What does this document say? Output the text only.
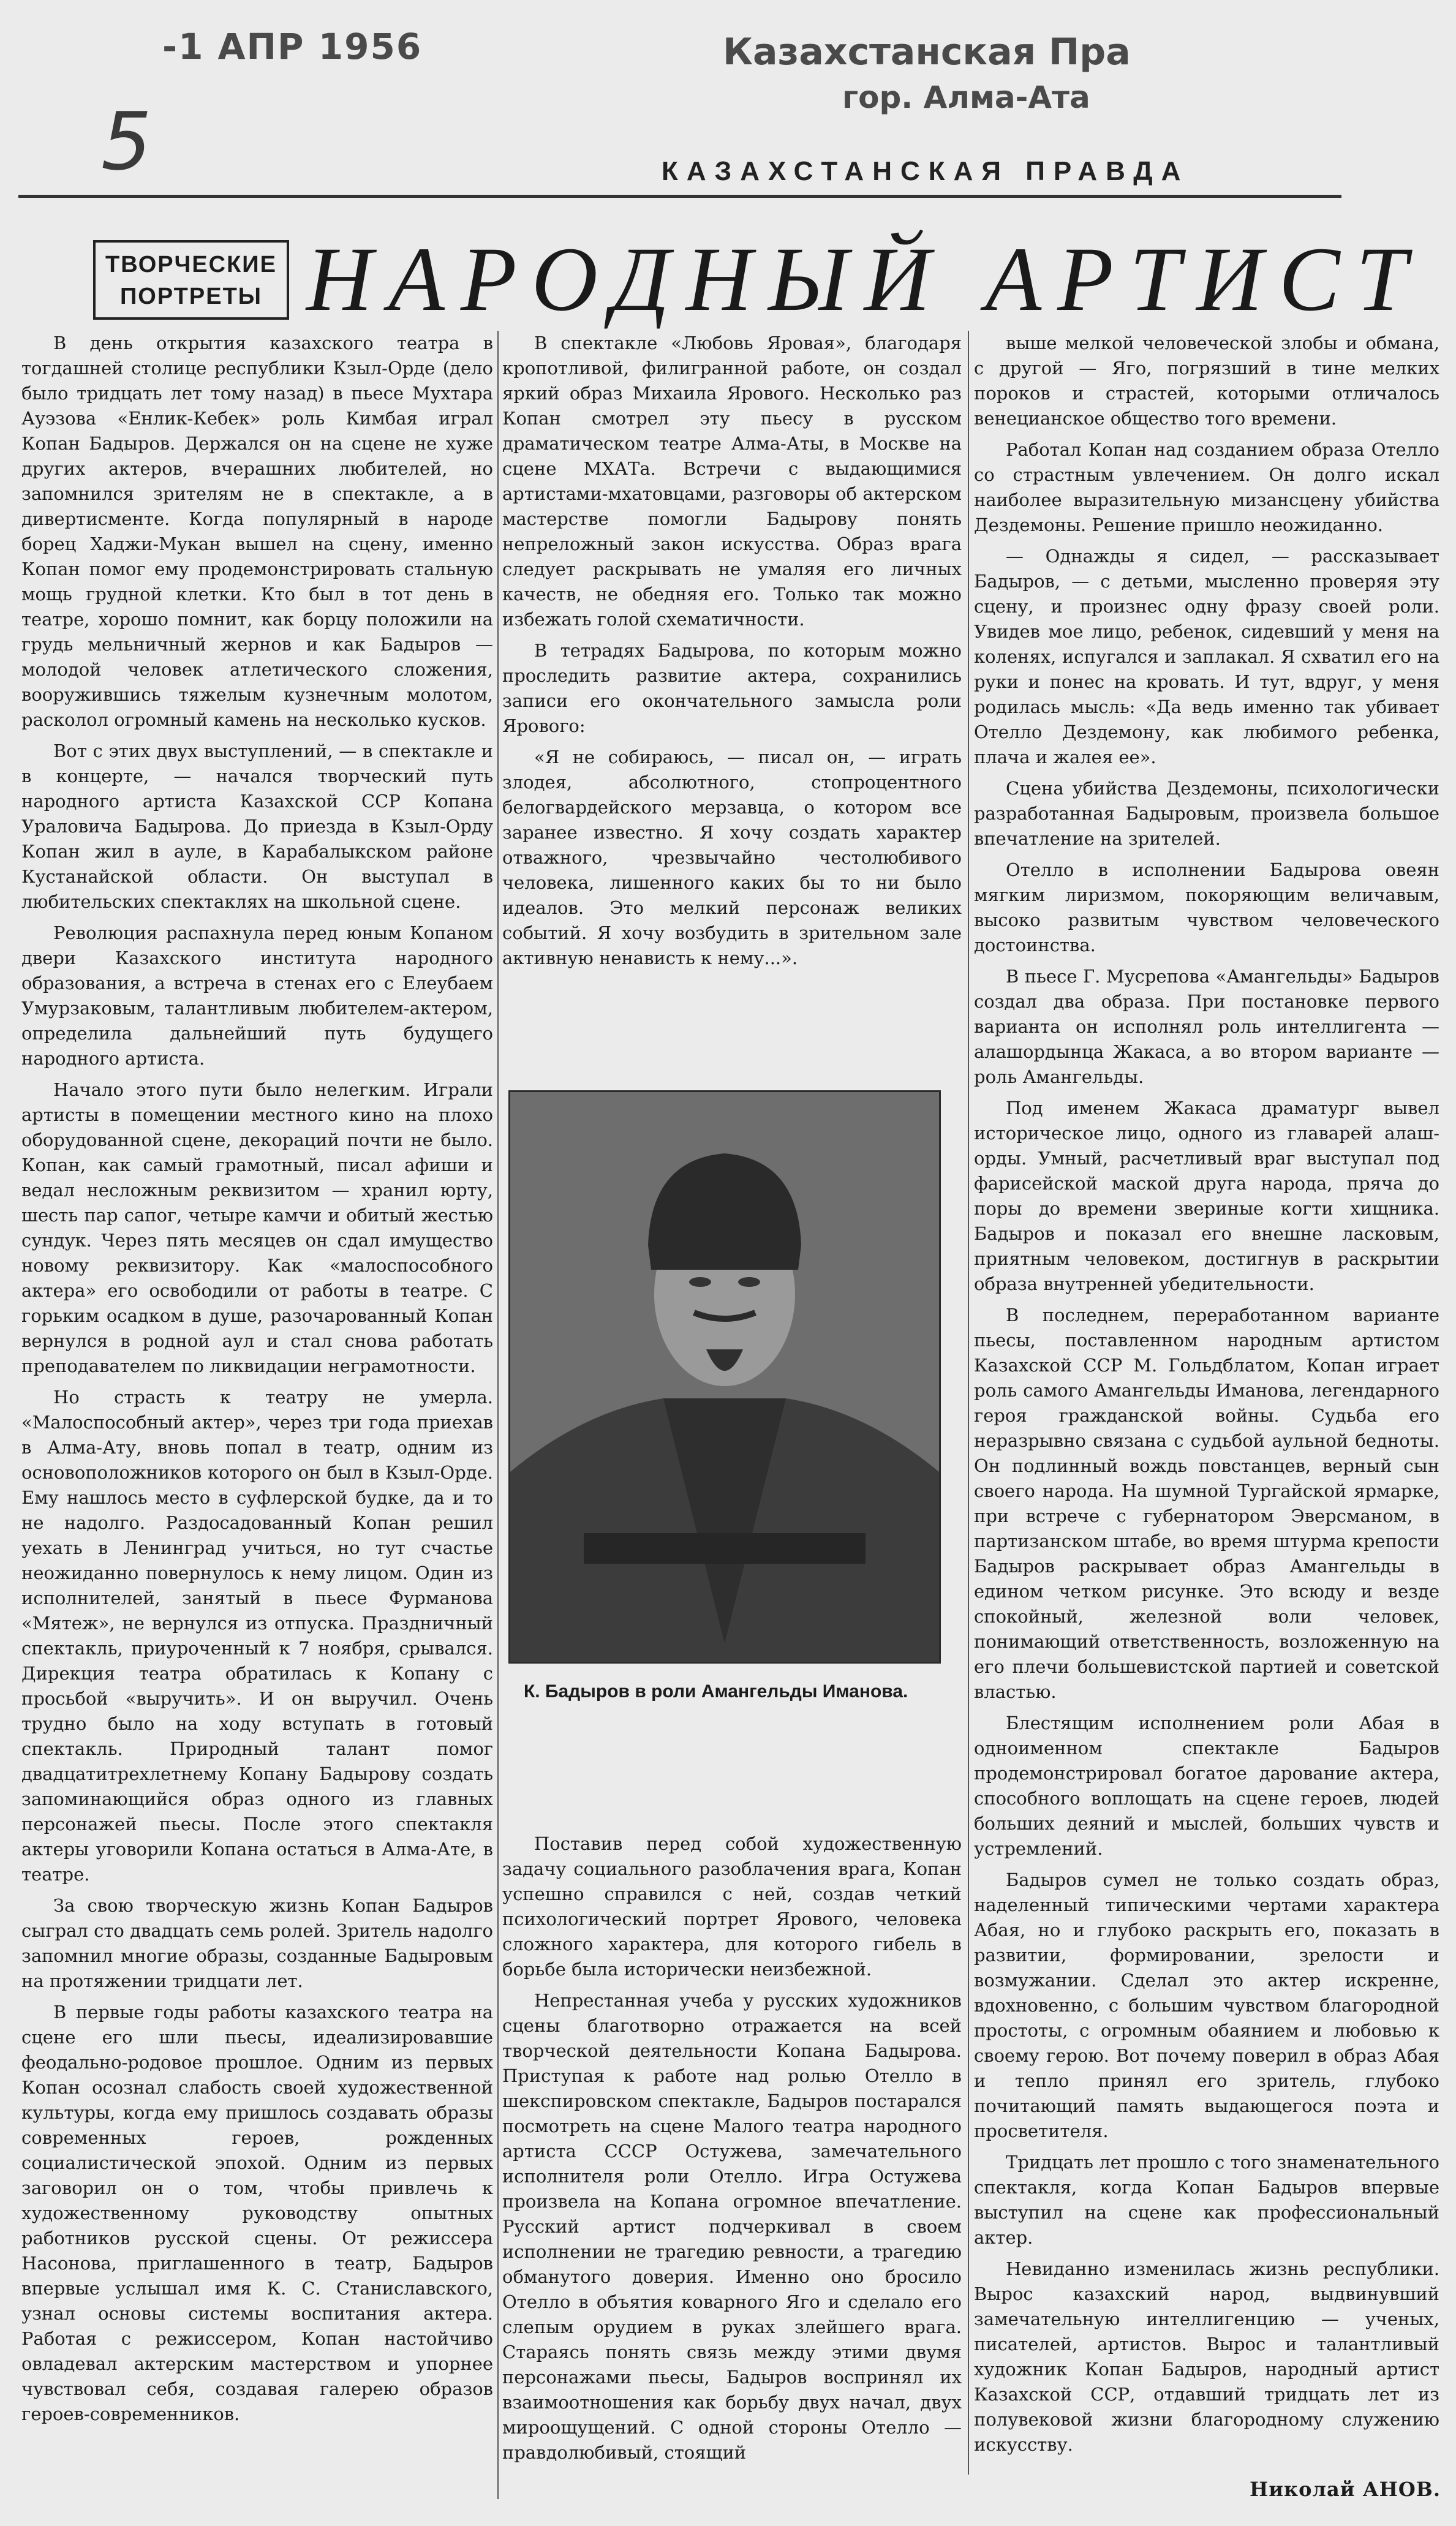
-1 АПР 1956	Казахстанская Пра
гор. Алма-Ата
5	КАЗАХСТАНСКАЯ ПРАВДА
ТВОРЧЕСКИЕ
ПОРТРЕТЫ НАРОДНЫЙ АРТИСТ

В день открытия казахского театра в тогдашней столице республики Кзыл-Орде (дело было тридцать лет тому назад) в пьесе Мухтара Ауэзова «Енлик-Кебек» роль Кимбая играл Копан Бадыров. Держался он на сцене не хуже других актеров, вчерашних любителей, но запомнился зрителям не в спектакле, а в дивертисменте. Когда популярный в народе борец Хаджи-Мукан вышел на сцену, именно Копан помог ему продемонстрировать стальную мощь грудной клетки. Кто был в тот день в театре, хорошо помнит, как борцу положили на грудь мельничный жернов и как Бадыров — молодой человек атлетического сложения, вооружившись тяжелым кузнечным молотом, расколол огромный камень на несколько кусков.

Вот с этих двух выступлений, — в спектакле и в концерте, — начался творческий путь народного артиста Казахской ССР Копана Ураловича Бадырова. До приезда в Кзыл-Орду Копан жил в ауле, в Карабалыкском районе Кустанайской области. Он выступал в любительских спектаклях на школьной сцене.

Революция распахнула перед юным Копаном двери Казахского института народного образования, а встреча в стенах его с Елеубаем Умурзаковым, талантливым любителем-актером, определила дальнейший путь будущего народного артиста.

Начало этого пути было нелегким. Играли артисты в помещении местного кино на плохо оборудованной сцене, декораций почти не было. Копан, как самый грамотный, писал афиши и ведал несложным реквизитом — хранил юрту, шесть пар сапог, четыре камчи и обитый жестью сундук. Через пять месяцев он сдал имущество новому реквизитору. Как «малоспособного актера» его освободили от работы в театре. С горьким осадком в душе, разочарованный Копан вернулся в родной аул и стал снова работать преподавателем по ликвидации неграмотности.

Но страсть к театру не умерла. «Малоспособный актер», через три года приехав в Алма-Ату, вновь попал в театр, одним из основоположников которого он был в Кзыл-Орде. Ему нашлось место в суфлерской будке, да и то не надолго. Раздосадованный Копан решил уехать в Ленинград учиться, но тут счастье неожиданно повернулось к нему лицом. Один из исполнителей, занятый в пьесе Фурманова «Мятеж», не вернулся из отпуска. Праздничный спектакль, приуроченный к 7 ноября, срывался. Дирекция театра обратилась к Копану с просьбой «выручить». И он выручил. Очень трудно было на ходу вступать в готовый спектакль. Природный талант помог двадцатитрехлетнему Копану Бадырову создать запоминающийся образ одного из главных персонажей пьесы. После этого спектакля актеры уговорили Копана остаться в Алма-Ате, в театре.

За свою творческую жизнь Копан Бадыров сыграл сто двадцать семь ролей. Зритель надолго запомнил многие образы, созданные Бадыровым на протяжении тридцати лет.

В первые годы работы казахского театра на сцене его шли пьесы, идеализировавшие феодально-родовое прошлое. Одним из первых Копан осознал слабость своей художественной культуры, когда ему пришлось создавать образы современных героев, рожденных социалистической эпохой. Одним из первых заговорил он о том, чтобы привлечь к художественному руководству опытных работников русской сцены. От режиссера Насонова, приглашенного в театр, Бадыров впервые услышал имя К. С. Станиславского, узнал основы системы воспитания актера. Работая с режиссером, Копан настойчиво овладевал актерским мастерством и упорнее чувствовал себя, создавая галерею образов героев-современников.

В спектакле «Любовь Яровая», благодаря кропотливой, филигранной работе, он создал яркий образ Михаила Ярового. Несколько раз Копан смотрел эту пьесу в русском драматическом театре Алма-Аты, в Москве на сцене МХАТа. Встречи с выдающимися артистами-мхатовцами, разговоры об актерском мастерстве помогли Бадырову понять непреложный закон искусства. Образ врага следует раскрывать не умаляя его личных качеств, не обедняя его. Только так можно избежать голой схематичности.

В тетрадях Бадырова, по которым можно проследить развитие актера, сохранились записи его окончательного замысла роли Ярового:

«Я не собираюсь, — писал он, — играть злодея, абсолютного, стопроцентного белогвардейского мерзавца, о котором все заранее известно. Я хочу создать характер отважного, чрезвычайно честолюбивого человека, лишенного каких бы то ни было идеалов. Это мелкий персонаж великих событий. Я хочу возбудить в зрительном зале активную ненависть к нему...».

К. Бадыров в роли Амангельды Иманова.

Поставив перед собой художественную задачу социального разоблачения врага, Копан успешно справился с ней, создав четкий психологический портрет Ярового, человека сложного характера, для которого гибель в борьбе была исторически неизбежной.

Непрестанная учеба у русских художников сцены благотворно отражается на всей творческой деятельности Копана Бадырова. Приступая к работе над ролью Отелло в шекспировском спектакле, Бадыров постарался посмотреть на сцене Малого театра народного артиста СССР Остужева, замечательного исполнителя роли Отелло. Игра Остужева произвела на Копана огромное впечатление. Русский артист подчеркивал в своем исполнении не трагедию ревности, а трагедию обманутого доверия. Именно оно бросило Отелло в объятия коварного Яго и сделало его слепым орудием в руках злейшего врага. Стараясь понять связь между этими двумя персонажами пьесы, Бадыров воспринял их взаимоотношения как борьбу двух начал, двух мироощущений. С одной стороны Отелло — правдолюбивый, стоящий

выше мелкой человеческой злобы и обмана, с другой — Яго, погрязший в тине мелких пороков и страстей, которыми отличалось венецианское общество того времени.

Работал Копан над созданием образа Отелло со страстным увлечением. Он долго искал наиболее выразительную мизансцену убийства Дездемоны. Решение пришло неожиданно.

— Однажды я сидел, — рассказывает Бадыров, — с детьми, мысленно проверяя эту сцену, и произнес одну фразу своей роли. Увидев мое лицо, ребенок, сидевший у меня на коленях, испугался и заплакал. Я схватил его на руки и понес на кровать. И тут, вдруг, у меня родилась мысль: «Да ведь именно так убивает Отелло Дездемону, как любимого ребенка, плача и жалея ее».

Сцена убийства Дездемоны, психологически разработанная Бадыровым, произвела большое впечатление на зрителей.

Отелло в исполнении Бадырова овеян мягким лиризмом, покоряющим величавым, высоко развитым чувством человеческого достоинства.

В пьесе Г. Мусрепова «Амангельды» Бадыров создал два образа. При постановке первого варианта он исполнял роль интеллигента — алашордынца Жакаса, а во втором варианте — роль Амангельды.

Под именем Жакаса драматург вывел историческое лицо, одного из главарей алаш-орды. Умный, расчетливый враг выступал под фарисейской маской друга народа, пряча до поры до времени звериные когти хищника. Бадыров и показал его внешне ласковым, приятным человеком, достигнув в раскрытии образа внутренней убедительности.

В последнем, переработанном варианте пьесы, поставленном народным артистом Казахской ССР М. Гольдблатом, Копан играет роль самого Амангельды Иманова, легендарного героя гражданской войны. Судьба его неразрывно связана с судьбой аульной бедноты. Он подлинный вождь повстанцев, верный сын своего народа. На шумной Тургайской ярмарке, при встрече с губернатором Эверсманом, в партизанском штабе, во время штурма крепости Бадыров раскрывает образ Амангельды в едином четком рисунке. Это всюду и везде спокойный, железной воли человек, понимающий ответственность, возложенную на его плечи большевистской партией и советской властью.

Блестящим исполнением роли Абая в одноименном спектакле Бадыров продемонстрировал богатое дарование актера, способного воплощать на сцене героев, людей больших деяний и мыслей, больших чувств и устремлений.

Бадыров сумел не только создать образ, наделенный типическими чертами характера Абая, но и глубоко раскрыть его, показать в развитии, формировании, зрелости и возмужании. Сделал это актер искренне, вдохновенно, с большим чувством благородной простоты, с огромным обаянием и любовью к своему герою. Вот почему поверил в образ Абая и тепло принял его зритель, глубоко почитающий память выдающегося поэта и просветителя.

Тридцать лет прошло с того знаменательного спектакля, когда Копан Бадыров впервые выступил на сцене как профессиональный актер.

Невиданно изменилась жизнь республики. Вырос казахский народ, выдвинувший замечательную интеллигенцию — ученых, писателей, артистов. Вырос и талантливый художник Копан Бадыров, народный артист Казахской ССР, отдавший тридцать лет из полувековой жизни благородному служению искусству.

Николай АНОВ.
